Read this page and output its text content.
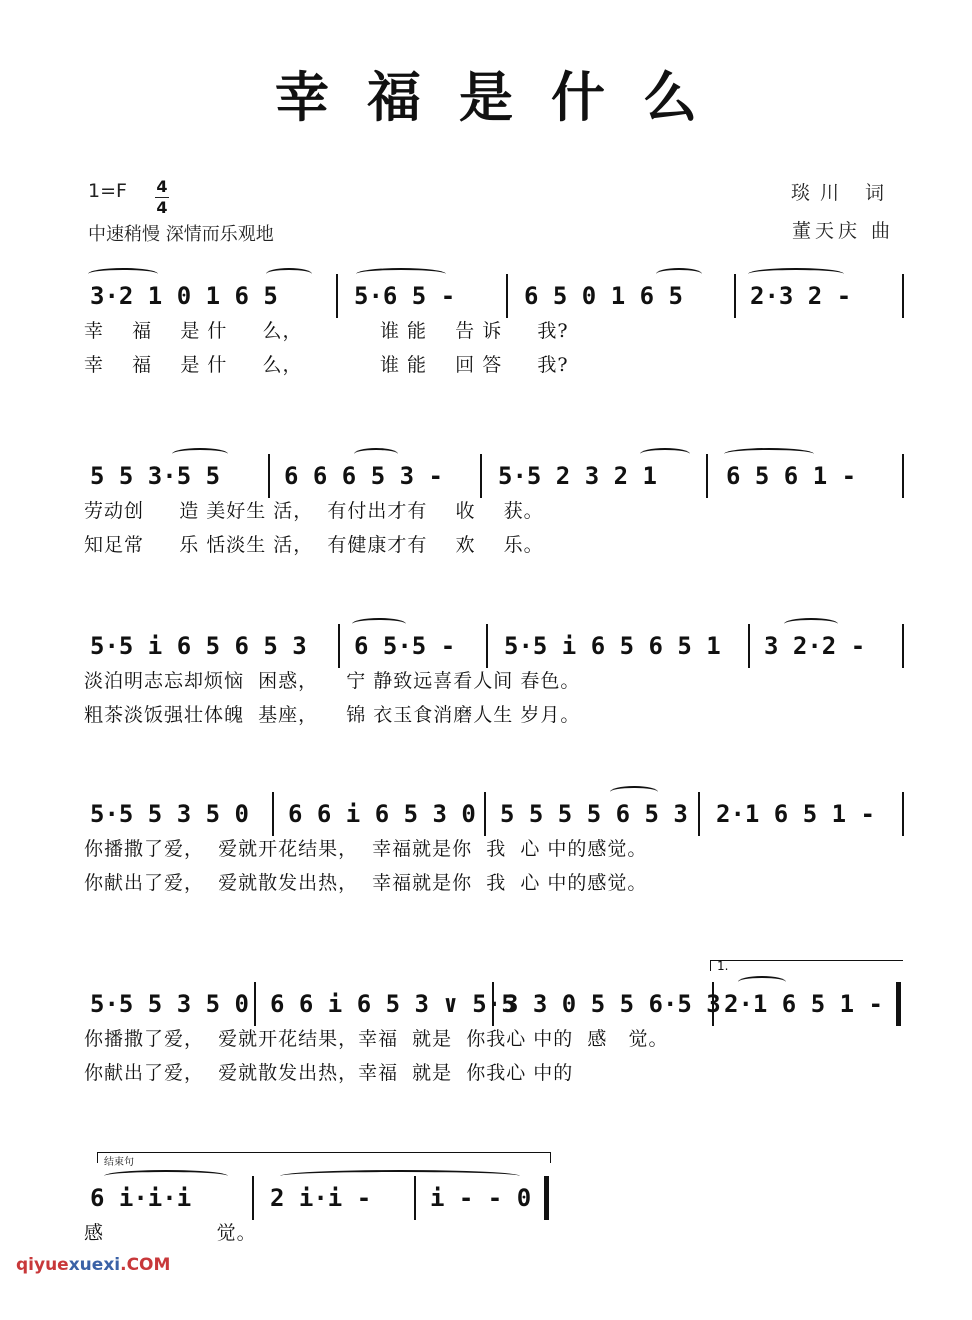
幸福是什么
1=F 4
4
中速稍慢 深情而乐观地
琰川 词
董天庆 曲
3·2 1 0 1 6 5	5·6 5 -	6 5 0 1 6 5	2·3 2 -
幸    福    是 什     么，           谁 能    告 诉     我?
幸    福    是 什     么，           谁 能    回 答     我?
5 5 3·5 5	6 6 6 5 3 - 5·5 2 3 2 1	6 5 6 1 -
劳动创     造 美好生 活，  有付出才有    收    获。
知足常     乐 恬淡生 活，  有健康才有    欢    乐。
5·5 i 6 5 6 5 3 6 5·5 - 5·5 i 6 5 6 5 1 3 2·2 -
淡泊明志忘却烦恼  困惑，    宁 静致远喜看人间 春色。
粗茶淡饭强壮体魄  基座，    锦 衣玉食消磨人生 岁月。
5·5 5 3 5 0 6 6 i 6 5 3 0 5 5 5 5 6 5 3 2·1 6 5 1 -
你播撒了爱，  爱就开花结果，  幸福就是你  我  心 中的感觉。
你献出了爱，  爱就散发出热，  幸福就是你  我  心 中的感觉。
1.
5·5 5 3 5 0 6 6 i 6 5 3 ∨ 5·5
3 3 0 5 5 6·5 3 2·1 6 5 1 -
你播撒了爱，  爱就开花结果，幸福  就是  你我心 中的  感   觉。
你献出了爱，  爱就散发出热，幸福  就是  你我心 中的
结束句
6 i·i·i	2 i·i - i - - 0
感                觉。
qiyuexuexi.COM
